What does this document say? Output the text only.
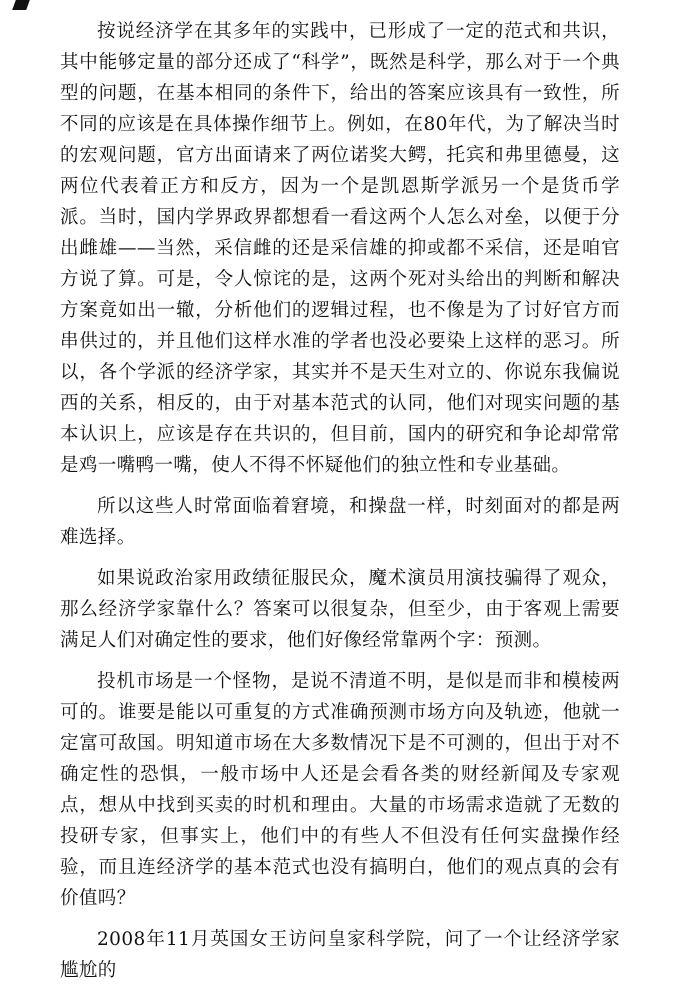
按说经济学在其多年的实践中，已形成了一定的范式和共识，其中能够定量的部分还成了“科学”，既然是科学，那么对于一个典型的问题，在基本相同的条件下，给出的答案应该具有一致性，所不同的应该是在具体操作细节上。例如，在80年代，为了解决当时的宏观问题，官方出面请来了两位诺奖大鳄，托宾和弗里德曼，这两位代表着正方和反方，因为一个是凯恩斯学派另一个是货币学派。当时，国内学界政界都想看一看这两个人怎么对垒，以便于分出雌雄——当然，采信雌的还是采信雄的抑或都不采信，还是咱官方说了算。可是，令人惊诧的是，这两个死对头给出的判断和解决方案竟如出一辙，分析他们的逻辑过程，也不像是为了讨好官方而串供过的，并且他们这样水准的学者也没必要染上这样的恶习。所以，各个学派的经济学家，其实并不是天生对立的、你说东我偏说西的关系，相反的，由于对基本范式的认同，他们对现实问题的基本认识上，应该是存在共识的，但目前，国内的研究和争论却常常是鸡一嘴鸭一嘴，使人不得不怀疑他们的独立性和专业基础。

所以这些人时常面临着窘境，和操盘一样，时刻面对的都是两难选择。

如果说政治家用政绩征服民众，魔术演员用演技骗得了观众，那么经济学家靠什么？答案可以很复杂，但至少，由于客观上需要满足人们对确定性的要求，他们好像经常靠两个字：预测。

投机市场是一个怪物，是说不清道不明，是似是而非和模棱两可的。谁要是能以可重复的方式准确预测市场方向及轨迹，他就一定富可敌国。明知道市场在大多数情况下是不可测的，但出于对不确定性的恐惧，一般市场中人还是会看各类的财经新闻及专家观点，想从中找到买卖的时机和理由。大量的市场需求造就了无数的投研专家，但事实上，他们中的有些人不但没有任何实盘操作经验，而且连经济学的基本范式也没有搞明白，他们的观点真的会有价值吗？

2008年11月英国女王访问皇家科学院，问了一个让经济学家尴尬的
